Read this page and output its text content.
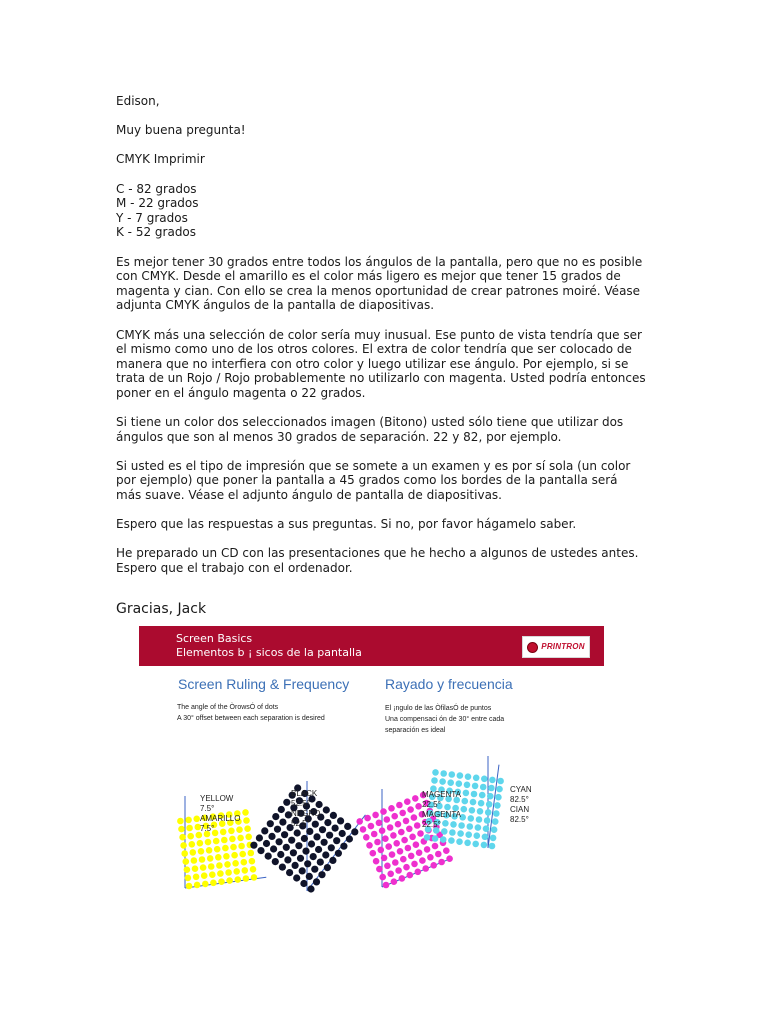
Edison,

Muy buena pregunta!

CMYK Imprimir

C - 82 grados
M - 22 grados
Y - 7 grados
K - 52 grados

Es mejor tener 30 grados entre todos los ángulos de la pantalla, pero que no es posible con CMYK. Desde el amarillo es el color más ligero es mejor que tener 15 grados de magenta y cian. Con ello se crea la menos oportunidad de crear patrones moiré. Véase adjunta CMYK ángulos de la pantalla de diapositivas.

CMYK más una selección de color sería muy inusual. Ese punto de vista tendría que ser el mismo como uno de los otros colores. El extra de color tendría que ser colocado de manera que no interfiera con otro color y luego utilizar ese ángulo. Por ejemplo, si se trata de un Rojo / Rojo probablemente no utilizarlo con magenta. Usted podría entonces poner en el ángulo magenta o 22 grados.

Si tiene un color dos seleccionados imagen (Bitono) usted sólo tiene que utilizar dos ángulos que son al menos 30 grados de separación. 22 y 82, por ejemplo.

Si usted es el tipo de impresión que se somete a un examen y es por sí sola (un color por ejemplo) que poner la pantalla a 45 grados como los bordes de la pantalla será más suave. Véase el adjunto ángulo de pantalla de diapositivas.

Espero que las respuestas a sus preguntas. Si no, por favor hágamelo saber.

He preparado un CD con las presentaciones que he hecho a algunos de ustedes antes.

Espero que el trabajo con el ordenador.

Gracias, Jack
Screen Basics
Elementos b ¡ sicos de la pantalla	PRINTRON
Screen Ruling & Frequency	Rayado y frecuencia
The angle of the ÒrowsÓ of dots
A 30° offset between each separation is desired
El ¡ngulo de las ÒfilasÓ de puntos
Una compensaci ón de 30° entre cada
separación es ideal
YELLOW
7.5°
AMARILLO
7.5°
BLACK
52.5°
NEGRO
52.5°
MAGENTA
22.5°
MAGENTA
22.5°
CYAN
82.5°
CIAN
82.5°
